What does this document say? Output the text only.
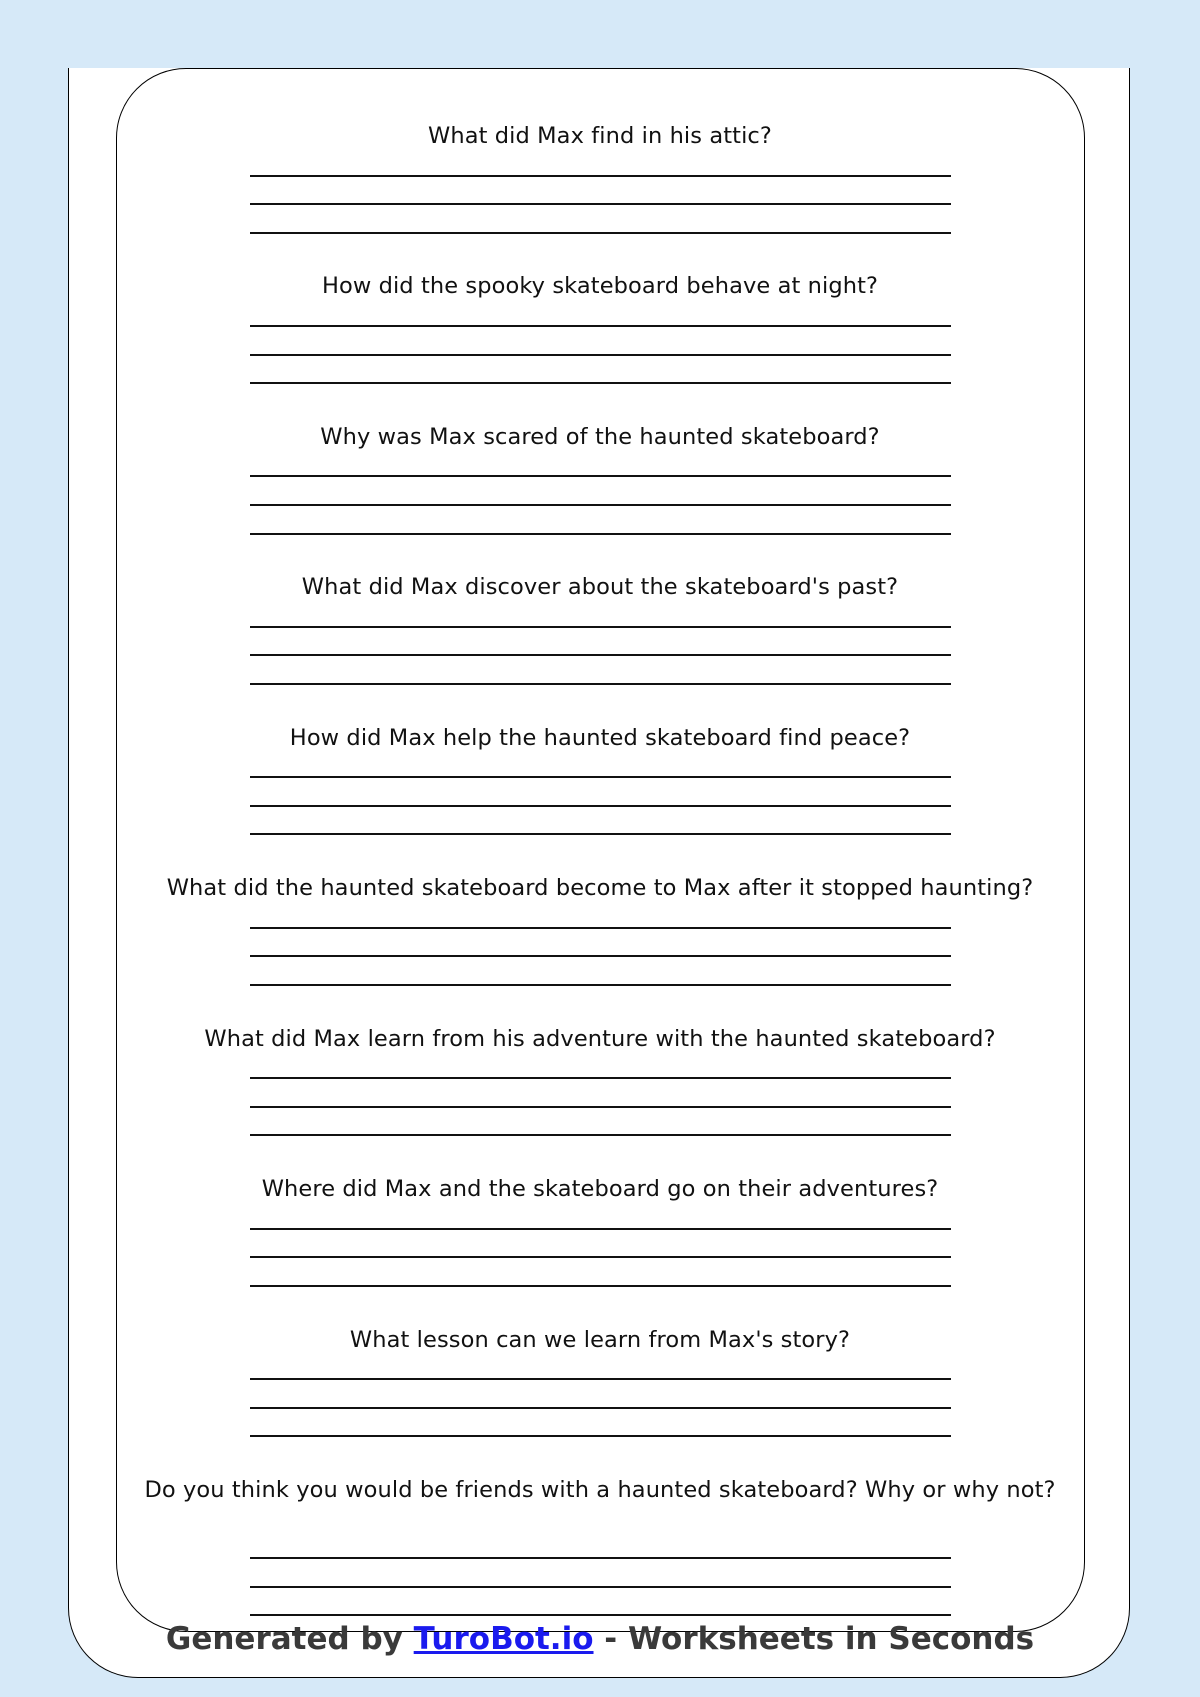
What did Max find in his attic?
How did the spooky skateboard behave at night?
Why was Max scared of the haunted skateboard?
What did Max discover about the skateboard's past?
How did Max help the haunted skateboard find peace?
What did the haunted skateboard become to Max after it stopped haunting?
What did Max learn from his adventure with the haunted skateboard?
Where did Max and the skateboard go on their adventures?
What lesson can we learn from Max's story?
Do you think you would be friends with a haunted skateboard? Why or why not?
Generated by TuroBot.io - Worksheets in Seconds
